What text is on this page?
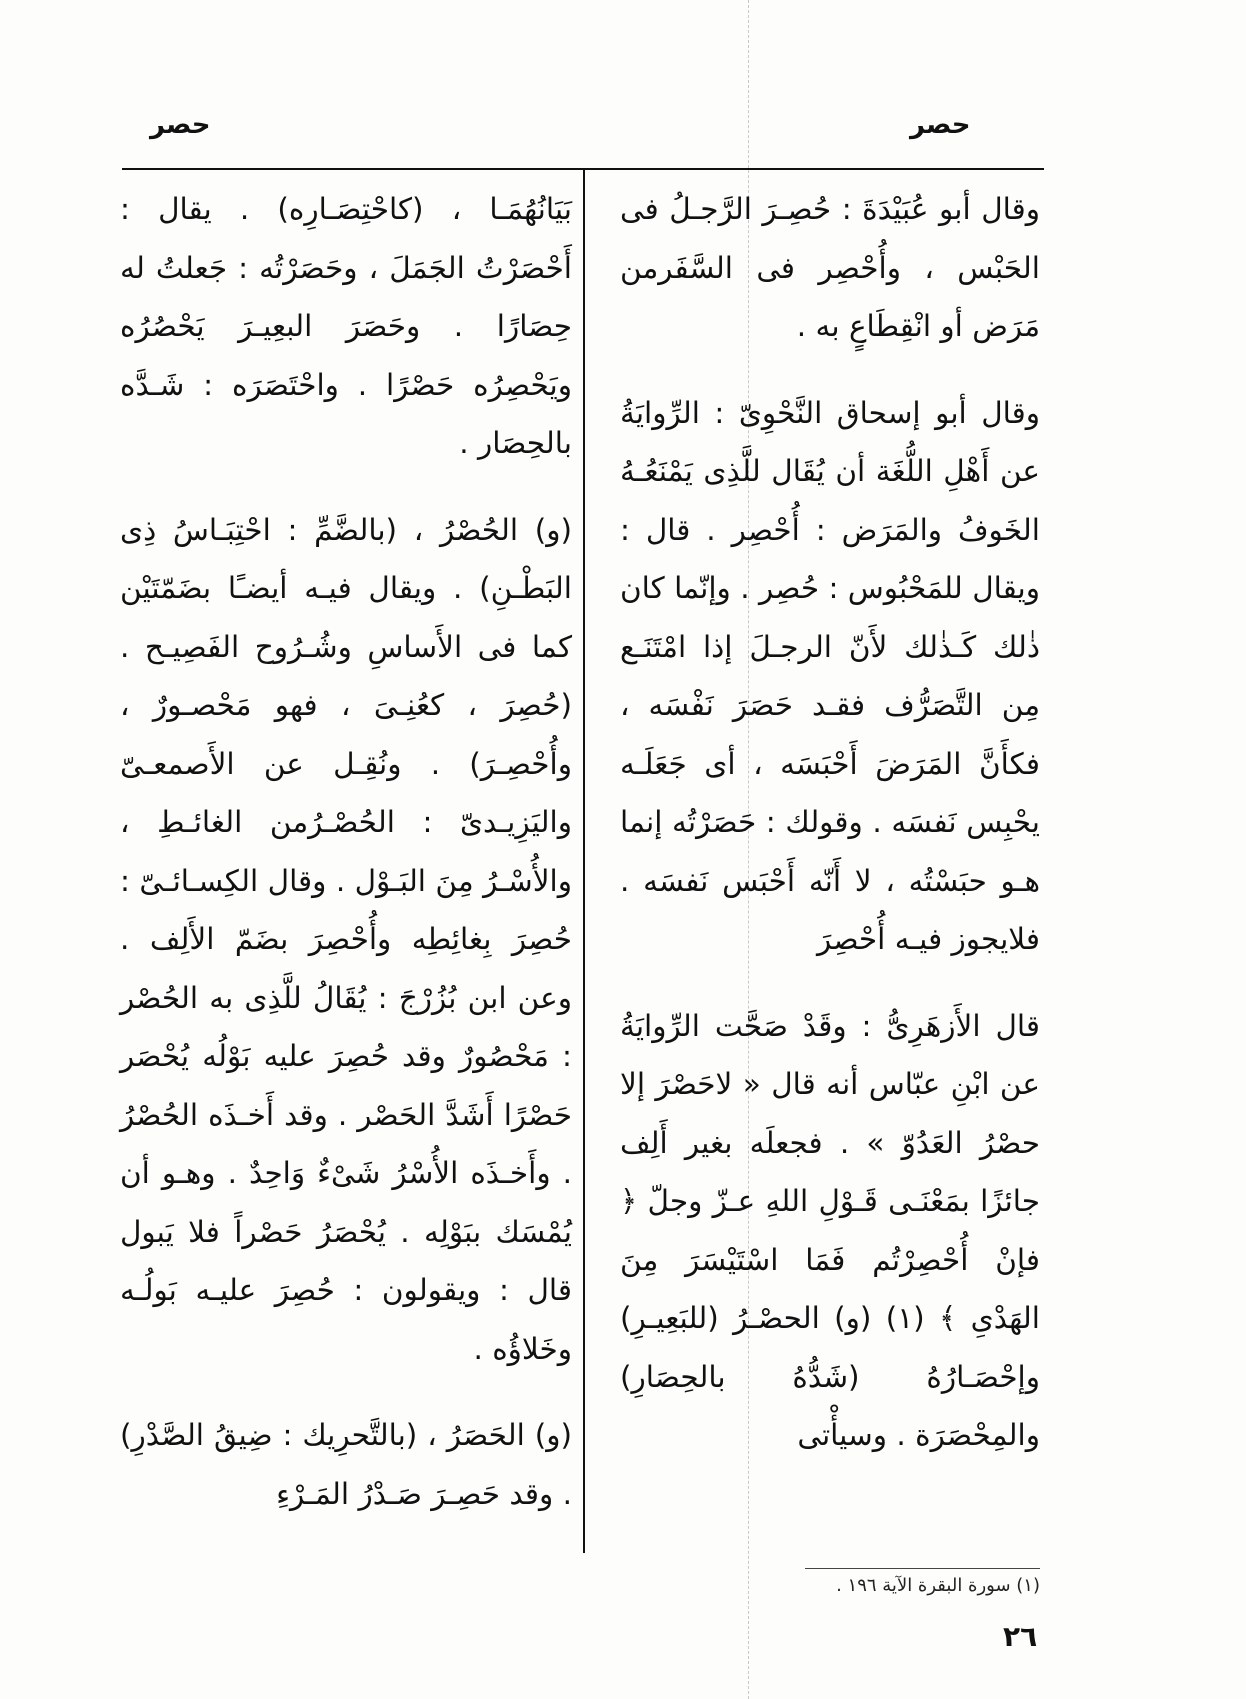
حصر	حصر

وقال أبو عُبَيْدَةَ : حُصِـرَ الرَّجـلُ فى الحَبْس ، وأُحْصِر فى السَّفَرمن مَرَض أو انْقِطَاعٍ به .

وقال أبو إسحاق النَّحْوِىّ : الرِّوايَةُ عن أَهْلِ اللُّغَة أن يُقَال للَّذِى يَمْنَعُـهُ الخَوفُ والمَرَض : أُحْصِر . قال : ويقال للمَحْبُوس : حُصِر . وإنّما كان ذٰلك كَـذٰلك لأَنّ الرجـلَ إذا امْتَنَـع مِن التَّصَرُّف فقـد حَصَرَ نَفْسَه ، فكأَنَّ المَرَضَ أَحْبَسَه ، أى جَعَلَـه يحْبِس نَفسَه . وقولك : حَصَرْتُه إنما هـو حبَسْتُه ، لا أَنّه أَحْبَس نَفسَه . فلايجوز فيـه أُحْصِرَ

قال الأَزهَرِىُّ : وقَدْ صَحَّت الرِّوايَةُ عن ابْنِ عبّاس أنه قال « لاحَصْرَ إلا حصْرُ العَدُوّ » . فجعلَه بغير أَلِف جائزًا بمَعْنَـى قَـوْلِ اللهِ عـزّ وجلّ ﴿ فإنْ أُحْصِرْتُم فَمَا اسْتَيْسَرَ مِنَ الهَدْىِ ﴾ (١) (و) الحصْـرُ (للبَعِيـرِ) وإحْصَـارُهُ (شَدُّهُ بالحِصَارِ) والمِحْصَرَة . وسيأْتى

بَيَانُهُمَـا ، (كاحْتِصَـارِه) . يقال : أَحْصَرْتُ الجَمَلَ ، وحَصَرْتُه : جَعلتُ له حِصَارًا . وحَصَرَ البعِيـرَ يَحْصُرُه ويَحْصِرُه حَصْرًا . واحْتَصَرَه : شَـدَّه بالحِصَار .

(و) الحُصْرُ ، (بالضَّمِّ : احْتِبَـاسُ ذِى البَطْـنِ) . ويقال فيـه أيضـًا بضَمّتَيْن كما فى الأَساسِ وشُـرُوح الفَصِيـح . (حُصِرَ ، كعُنِـىَ ، فهو مَحْصـورٌ ، وأُحْصِـرَ) . ونُقِـل عن الأَصمعـىّ واليَزِيـدىّ : الحُصْـرُمن الغائـطِ ، والأُسْـرُ مِنَ البَـوْل . وقال الكِسـائـىّ : حُصِرَ بِغائِطِه وأُحْصِرَ بضَمّ الأَلِف . وعن ابن بُزُرْجَ : يُقَالُ للَّذِى به الحُصْر : مَحْصُورٌ وقد حُصِرَ عليه بَوْلُه يُحْصَر حَصْرًا أَشَدَّ الحَصْر . وقد أَخـذَه الحُصْرُ . وأَخـذَه الأُسْرُ شَىْءٌ وَاحِدٌ . وهـو أن يُمْسَك ببَوْلِه . يُحْصَرُ حَصْراً فلا يَبول قال : ويقولون : حُصِرَ عليـه بَولُـه وخَلاؤُه .

(و) الحَصَرُ ، (بالتَّحرِيك : ضِيقُ الصَّدْرِ) . وقد حَصِـرَ صَـدْرُ المَـرْءِ

(١) سورة البقرة الآية ١٩٦ .
٢٦
